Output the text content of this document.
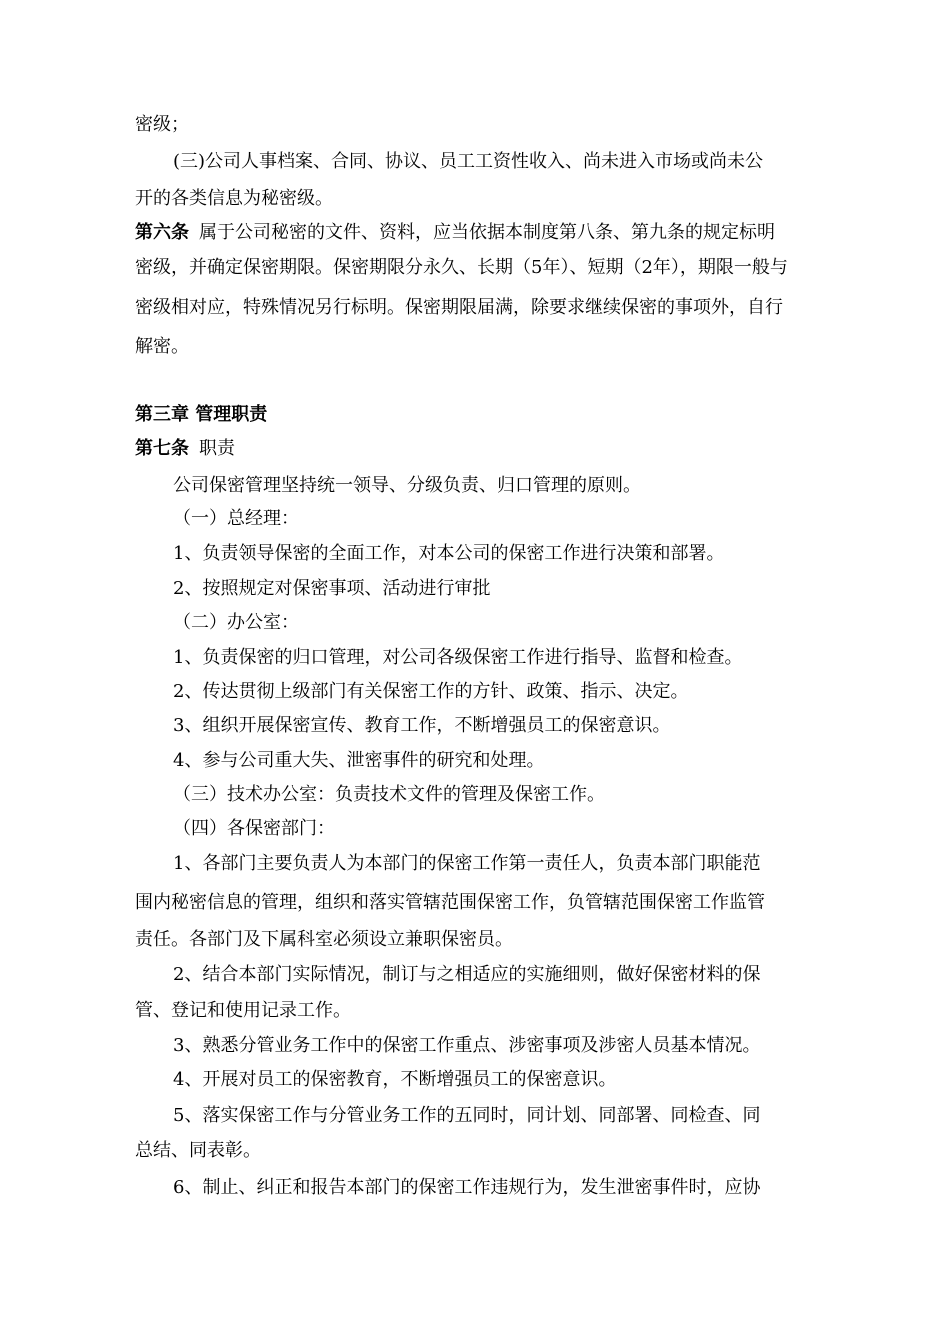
密级；
(三)公司人事档案、合同、协议、员工工资性收入、尚未进入市场或尚未公
开的各类信息为秘密级。
第六条 属于公司秘密的文件、资料，应当依据本制度第八条、第九条的规定标明
密级，并确定保密期限。保密期限分永久、长期（5年）、短期（2年），期限一般与
密级相对应，特殊情况另行标明。保密期限届满，除要求继续保密的事项外，自行
解密。
第三章 管理职责
第七条 职责
公司保密管理坚持统一领导、分级负责、归口管理的原则。
（一）总经理：
1、负责领导保密的全面工作，对本公司的保密工作进行决策和部署。
2、按照规定对保密事项、活动进行审批
（二）办公室：
1、负责保密的归口管理，对公司各级保密工作进行指导、监督和检查。
2、传达贯彻上级部门有关保密工作的方针、政策、指示、决定。
3、组织开展保密宣传、教育工作，不断增强员工的保密意识。
4、参与公司重大失、泄密事件的研究和处理。
（三）技术办公室：负责技术文件的管理及保密工作。
（四）各保密部门：
1、各部门主要负责人为本部门的保密工作第一责任人，负责本部门职能范
围内秘密信息的管理，组织和落实管辖范围保密工作，负管辖范围保密工作监管
责任。各部门及下属科室必须设立兼职保密员。
2、结合本部门实际情况，制订与之相适应的实施细则，做好保密材料的保
管、登记和使用记录工作。
3、熟悉分管业务工作中的保密工作重点、涉密事项及涉密人员基本情况。
4、开展对员工的保密教育，不断增强员工的保密意识。
5、落实保密工作与分管业务工作的五同时，同计划、同部署、同检查、同
总结、同表彰。
6、制止、纠正和报告本部门的保密工作违规行为，发生泄密事件时，应协
